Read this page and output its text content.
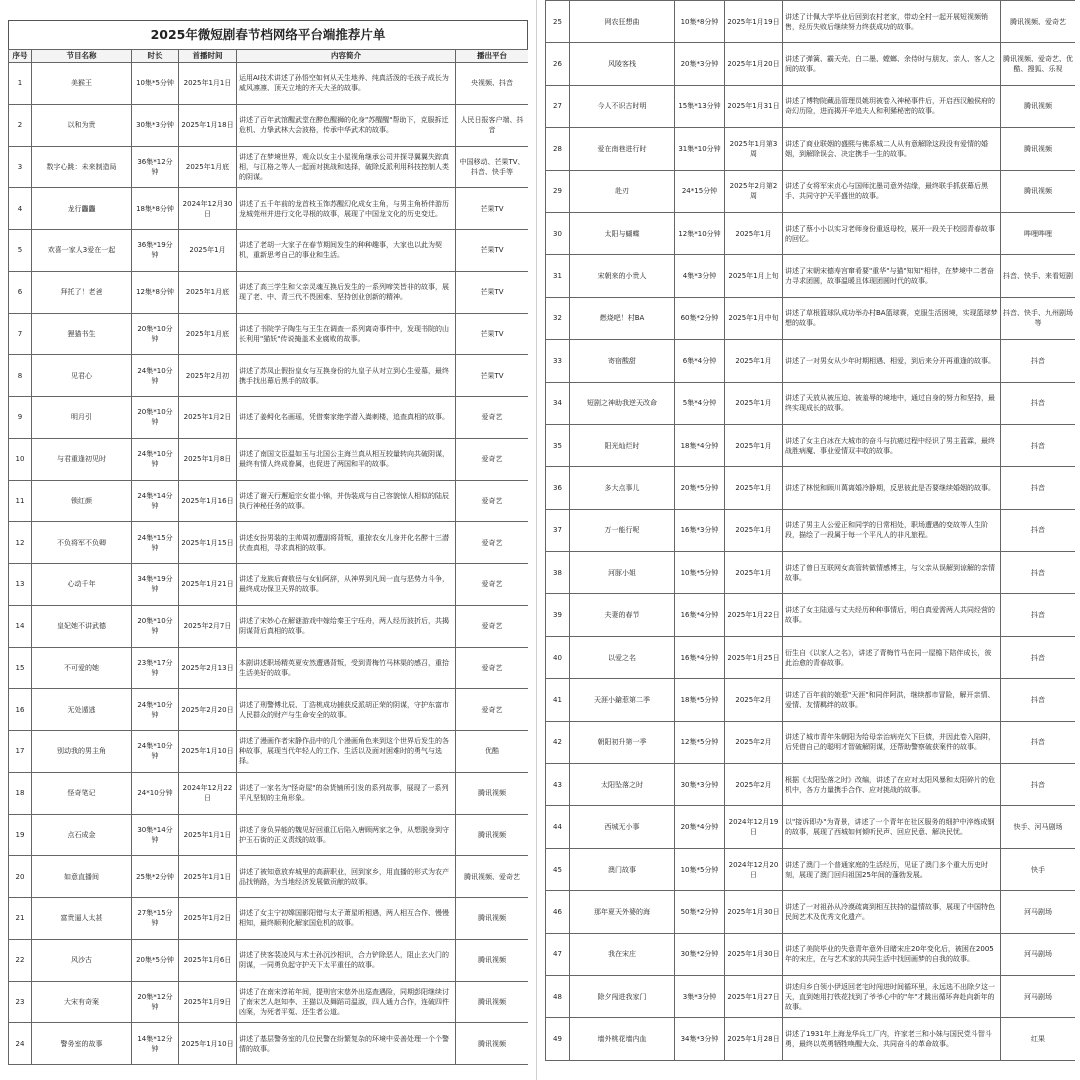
2025年微短剧春节档网络平台端推荐片单
序号	节目名称	时长	首播时间	内容简介	播出平台
1	美猴王	10集*5分钟	2025年1月1日	运用AI技术讲述了孙悟空如何从天生地养、纯真活泼的毛孩子成长为威风凛凛、顶天立地的齐天大圣的故事。	央视频、抖音
2	以和为贵	30集*3分钟	2025年1月18日	讲述了百年武馆醒武堂在醉色醒狮的化身"苏醒醒"帮助下，克服拆迁危机、力挚武林大会波格，传承中华武术的故事。	人民日报客户端、抖音
3	数字心跳：未来制造局	36集*12分钟	2025年1月底	讲述了在梦境世界，观众以女主小星视角继承公司并探寻翼翼失踪真相，与江格之等人一起面对挑战和选择，破除反派利用科技控制人类的阴谋。	中国移动、芒果TV、抖音、快手等
4	龙行龘龘	18集*8分钟	2024年12月30日	讲述了五千年前的龙首枝玉饰苏醒幻化成女主角，与男主角桥伴游历龙城莞州并进行文化寻根的故事，展现了中国龙文化的历史变迁。	芒果TV
5	欢喜一家人3爱在一起	36集*19分钟	2025年1月	讲述了老胡一大家子在春节期间发生的种种趣事，大家也以此为契机，重新思考自己的事业和生活。	芒果TV
6	拜托了！老爸	12集*8分钟	2025年1月底	讲述了高三学生和父亲灵魂互换后发生的一系列啼笑皆非的故事，展现了老、中、青三代不畏困难、坚持创业创新的精神。	芒果TV
7	狸猫书生	20集*10分钟	2025年1月底	讲述了书院学子陶生与王生在调查一系列离奇事件中，发现书院的山长利用"猫妖"传说掩盖术业腐败的故事。	芒果TV
8	见君心	24集*10分钟	2025年2月初	讲述了苏凤止假扮皇女与互换身份的九皇子从对立到心生爱慕，最终携手找出幕后黑手的故事。	芒果TV
9	明月引	20集*10分钟	2025年1月2日	讲述了姜鲟化名画瑶，凭借秦家绝学潜入嵩刺楼，追查真相的故事。	爱奇艺
10	与君重逢初见时	24集*10分钟	2025年1月8日	讲述了南国文臣温如玉与北国公主海兰真从相互较量转向共破阴谋，最终有情人终成眷属，也促进了两国和平的故事。	爱奇艺
11	锁红颜	24集*14分钟	2025年1月16日	讲述了谢天行邂逅宗女崔小锦，并伪装成与自己容貌惊人相似的陆辰执行神秘任务的故事。	爱奇艺
12	不负将军不负卿	24集*15分钟	2025年1月15日	讲述女扮男装的主帅周初遭副将背叛，重掠农女儿身并化名醉十三潜伏查真相，寻求真相的故事。	爱奇艺
13	心动千年	34集*19分钟	2025年1月21日	讲述了龙族后裔敖岳与女仙阿辞，从神界到凡间一直与恶势力斗争，最终成功保卫天界的故事。	爱奇艺
14	皇妃她不讲武德	20集*10分钟	2025年2月7日	讲述了宋妙心在解谜游戏中嫁给秦王宁珏舟，两人经历波折后，共揭阴谋背后真相的故事。	爱奇艺
15	不可爱的她	23集*17分钟	2025年2月13日	本剧讲述职场精英夏安然遭遇背叛，受到青梅竹马林渠的感召，重拾生活美好的故事。	爱奇艺
16	无处遁逃	24集*10分钟	2025年2月20日	讲述了刑警傅北辰、丁浩桃成功捕获反派胡正荣的阴谋，守护东富市人民群众的财产与生命安全的故事。	爱奇艺
17	别动我的男主角	24集*10分钟	2025年1月10日	讲述了漫画作者宋静作品中的几个漫画角色来到这个世界后发生的各种故事，展现当代年轻人的工作、生活以及面对困难时的勇气与选择。	优酷
18	怪奇笔记	24*10分钟	2024年12月22日	讲述了一家名为"怪奇屋"的杂货铺所引发的系列故事，展现了一系列平凡坚韧的主角形象。	腾讯视频
19	点石成金	30集*14分钟	2025年1月1日	讲述了身负异能的魏见好回重江后陷入唐顾两家之争，从想脱身到守护玉石街的正义责线的故事。	腾讯视频
20	如意直播间	25集*2分钟	2025年1月1日	讲述了被知意放弃城里的高薪职业，回到家乡，用直播的形式为农产品找销路，为当地经济发展做贡献的故事。	腾讯视频、爱奇艺
21	富贵逼人太甚	27集*15分钟	2025年1月2日	讲述了女主宁初嫦国影阳错与太子萧星昕相遇，两人相互合作、慢慢相知，最终顺利化解家国危机的故事。	腾讯视频
22	风沙古	20集*5分钟	2025年1月6日	讲述了侠客裴凌风与术士孙沉沙相识，合力铲除恶人，阻止玄火门的阴谋，一同勇负起守护天下太平重任的故事。	腾讯视频
23	大宋有奇案	20集*12分钟	2025年1月9日	讲述了在南宋淳祐年间，提刑官宋慈外出巡查遇险，同期彭阳继续讨了南宋艺人赵知李、王猫以及舞蹈司温淑，四人通力合作，连破四件凶案，为死者平冤、还生者公道。	腾讯视频
24	警务室的故事	14集*12分钟	2025年1月10日	讲述了基层警务室的几位民警在纷繁复杂的环境中妥善处理一个个警情的故事。	腾讯视频
25	网农狂想曲	10集*8分钟	2025年1月19日	讲述了计佩大学毕业后回到农村老家，带动全村一起开展短视频销售，经历失败后继续努力终获成功的故事。	腾讯视频、爱奇艺
26	风陵客栈	20集*3分钟	2025年1月20日	讲述了弹簧、霸天壳、白二墨、螳螂、余侍时与朋友、亲人、客人之间的故事。	腾讯视频、爱奇艺、优酷、搜狐、乐视
27	今人不识古时明	15集*13分钟	2025年1月31日	讲述了博物院藏品管理员姚玥被卷入神秘事件后，开启西汉触侯府的奇幻历险，进而揭开辛追夫人和利豨秘密的故事。	腾讯视频
28	爱在南巷进行时	31集*10分钟	2025年1月第3周	讲述了商业联姻的盛熙与佛系城二人从有意解除这段没有爱情的婚姻，到解除误会、决定携手一生的故事。	腾讯视频
29	赴刃	24*15分钟	2025年2月第2周	讲述了女将军宋贞心与国师沈墨司意外结缘，最终联手抓获幕后黑手、共同守护天平盛世的故事。	腾讯视频
30	太阳与蝴蝶	12集*10分钟	2025年1月	讲述了蔡小小以实习老师身份重返母校，展开一段关于校园青春故事的回忆。	哔哩哔哩
31	宋朝来的小贵人	4集*3分钟	2025年1月上旬	讲述了宋朝宋德寿宫窜肴要"重华"与猫"知知"相伴，在梦境中二者奋力寻求团圆，故事温暖且体现团圆时代的故事。	抖音、快手、来看短剧
32	燃烧吧！村BA	60集*2分钟	2025年1月中旬	讲述了草根篮球队成功举办村BA篮球赛，克服生活困境，实现篮球梦想的故事。	抖音、快手、九州剧场等
33	寄宿酸甜	6集*4分钟	2025年1月	讲述了一对男女从少年时期相遇、相爱，到后来分开再重逢的故事。	抖音
34	短剧之神助我逆天改命	5集*4分钟	2025年1月	讲述了天放从被压迫、被羞辱的境地中，通过自身的努力和坚持，最终实现成长的故事。	抖音
35	阳光灿烂时	18集*4分钟	2025年1月	讲述了女主白冰在大城市的奋斗与抗癌过程中经识了男主蓝霖，最终战胜病魔、事业爱情双丰收的故事。	抖音
36	多大点事儿	20集*5分钟	2025年1月	讲述了林悦和顾川萬离婚冷静期，反思彼此是否要继续婚姻的故事。	抖音
37	万一能行呢	16集*3分钟	2025年1月	讲述了男主人公爱正和同学的日常相处，职场遭遇的变故等人生阶段，描绘了一段属于每一个平凡人的非凡旅程。	抖音
38	河豚小姐	10集*5分钟	2025年1月	讲述了曾日互联网女高管转做情感博主，与父亲从误解到谅解的亲情故事。	抖音
39	夫妻的春节	16集*4分钟	2025年1月22日	讲述了女主陆遥与丈夫经历种种事情后，明白真爱需两人共同经营的故事。	抖音
40	以爱之名	16集*4分钟	2025年1月25日	衍生自《以家人之名》，讲述了青梅竹马在同一屋檐下陪伴成长，彼此治愈的青春故事。	抖音
41	天涯小鎗惹第二季	18集*5分钟	2025年2月	讲述了百年前的娘惹"天涯"和同伴阿洪，继续都市冒险，解开亲情、爱情、友情羁绊的故事。	抖音
42	朝阳初升第一季	12集*5分钟	2025年2月	讲述了城市青年朱朝阳为给母亲治病売欠下巨债，并因此卷入陷阱，后凭借自己的聪明才智破解阴谋，还帮助警察破获案件的故事。	抖音
43	太阳坠落之时	30集*3分钟	2025年2月	根据《太阳坠落之时》改编，讲述了在应对太阳风暴和太阳碎片的危机中，各方力量携手合作、应对挑战的故事。	抖音
44	西城无小事	20集*4分钟	2024年12月19日	以"接诉即办"为背景，讲述了一个青年在社区服务的细护中淬炼成钢的故事，展现了西城如何倾听民声、回应民意、解决民忧。	快手、河马剧场
45	澳门故事	10集*5分钟	2024年12月20日	讲述了澳门一个普通家庭的生活经历，见证了澳门多个重大历史时刻，展现了澳门回归祖国25年间的蓬勃发展。	快手
46	那年夏天外婆的海	50集*2分钟	2025年1月30日	讲述了一对祖孙从冷漠疏离到相互扶持的温情故事，展现了中国特色民间艺术及优秀文化遗产。	河马剧场
47	我在宋庄	30集*2分钟	2025年1月30日	讲述了美院毕业的失意青年意外目睹宋庄20年变化后，被困在2005年的宋庄，在与艺术家的共同生活中找回画梦的自我的故事。	河马剧场
48	除夕闯进我家门	3集*3分钟	2025年1月27日	讲述归乡白领小伊返回老宅时闯进时间循环里，永远选不出除夕这一天，直到她用打铁花找到了爷爷心中的"年"才跳出循环奔赴向新年的故事。	河马剧场
49	墙外桃花墙内血	34集*3分钟	2025年1月28日	讲述了1931年上海龙华兵工厂内，许家老三和小妹与国民党斗智斗勇，最终以英勇牺牲唤醒大众、共同奋斗的革命故事。	红果
